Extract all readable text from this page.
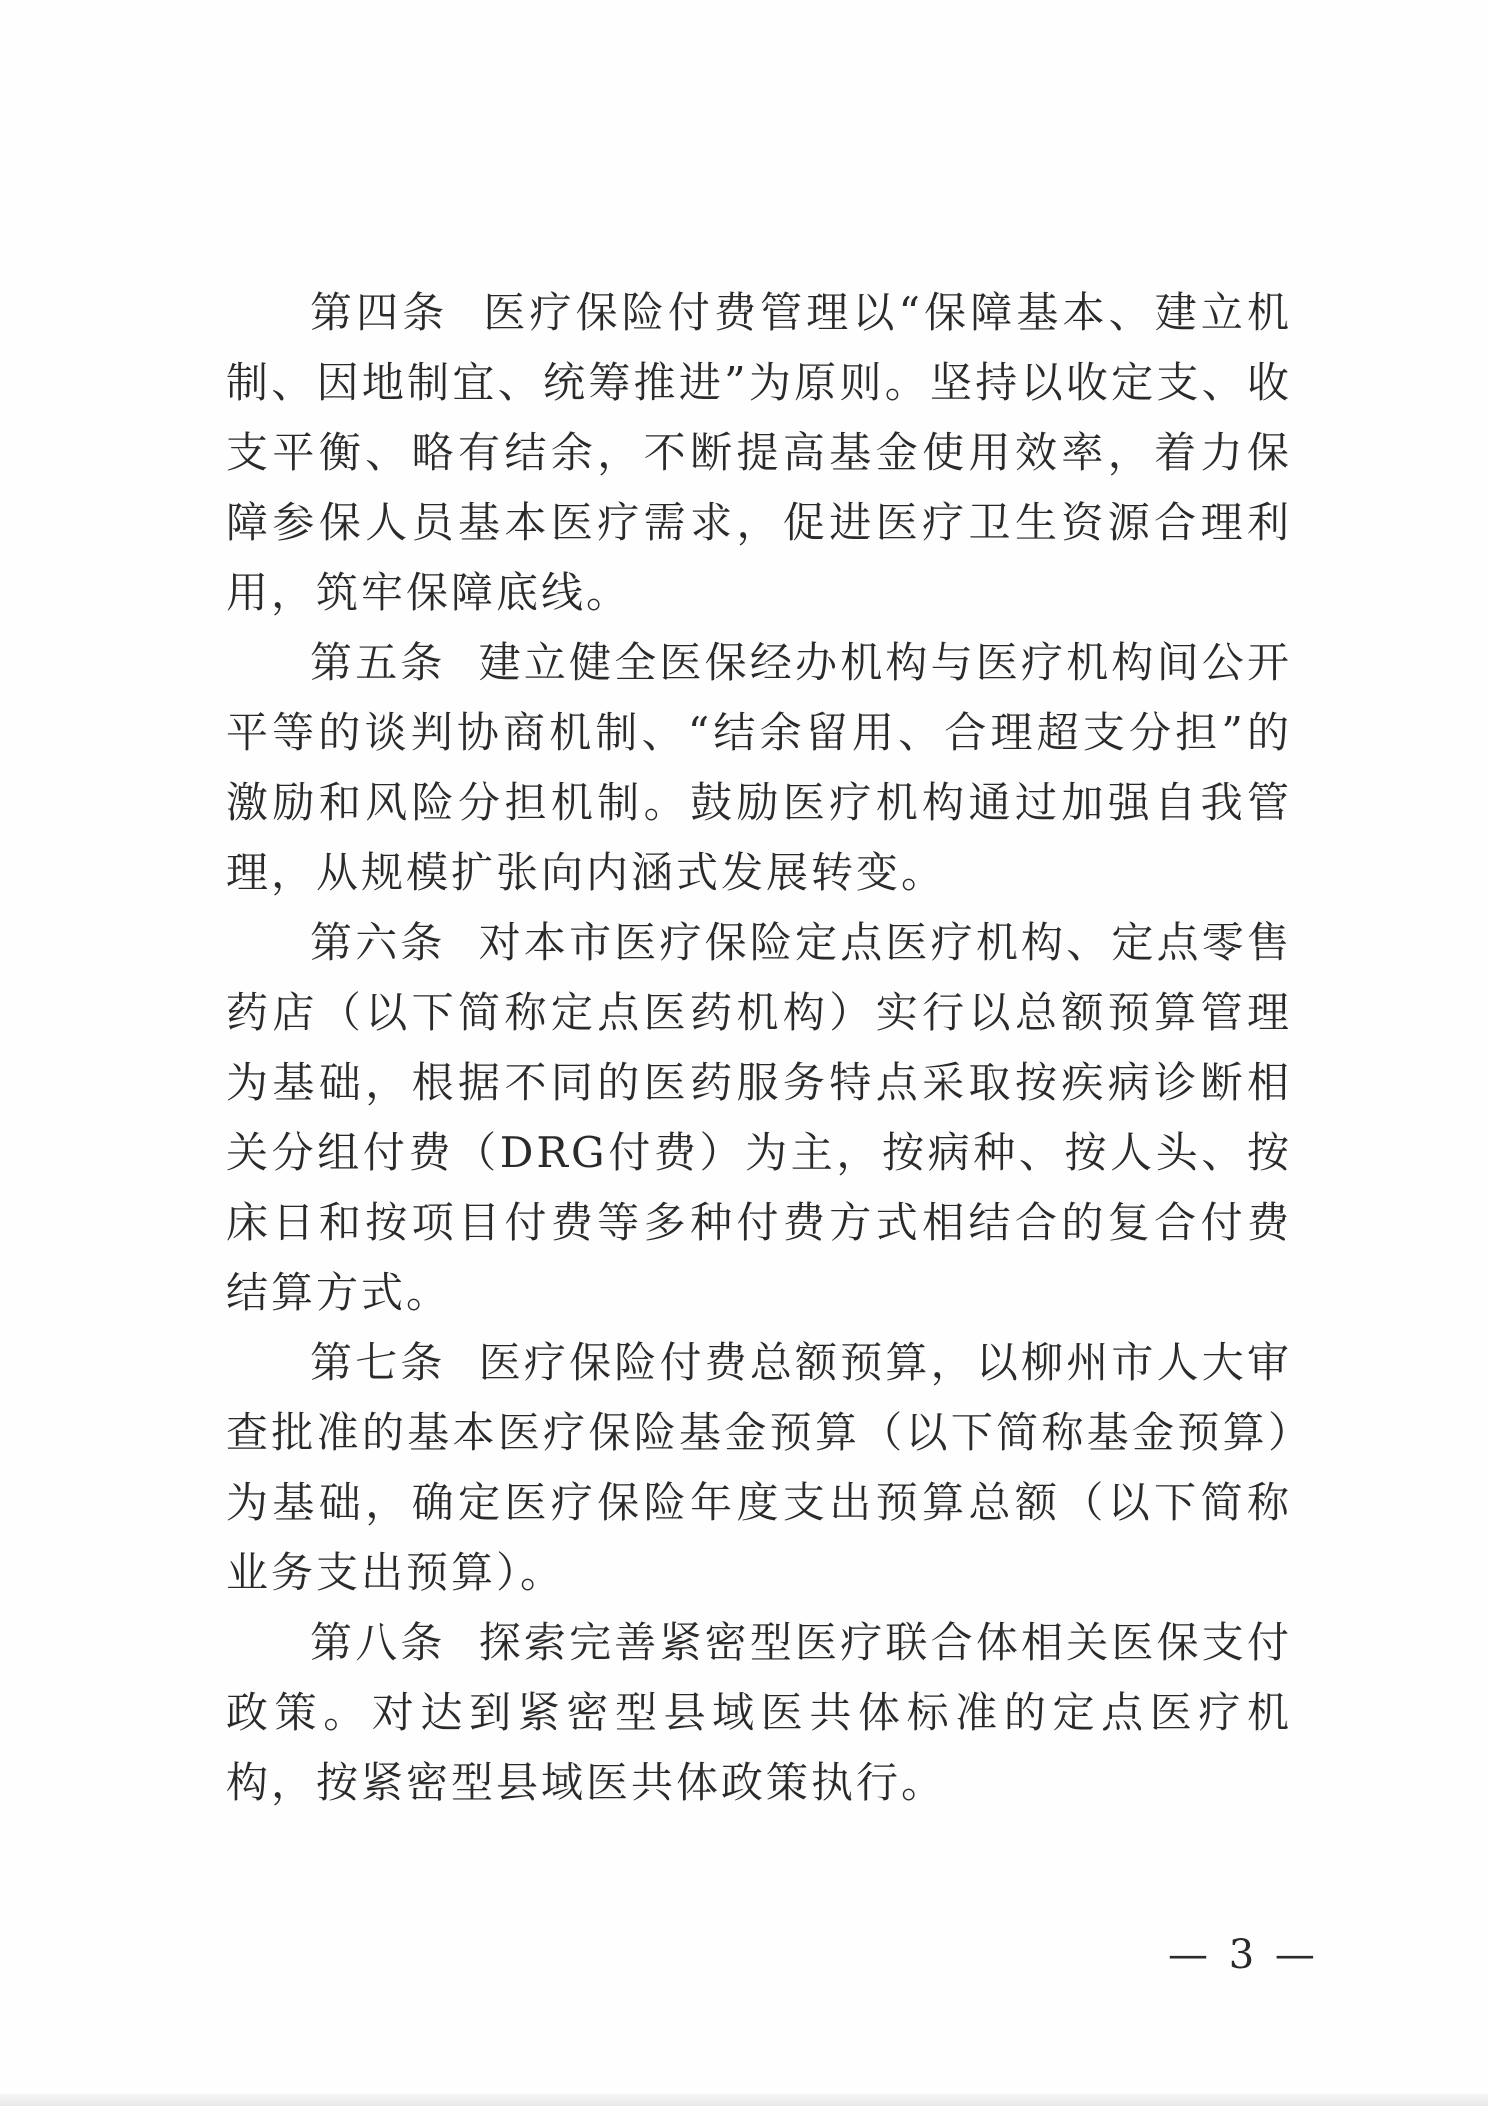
第四条 医疗保险付费管理以“保障基本、建立机制、因地制宜、统筹推进”为原则。坚持以收定支、收支平衡、略有结余，不断提高基金使用效率，着力保障参保人员基本医疗需求，促进医疗卫生资源合理利用，筑牢保障底线。

第五条 建立健全医保经办机构与医疗机构间公开平等的谈判协商机制、“结余留用、合理超支分担”的激励和风险分担机制。鼓励医疗机构通过加强自我管理，从规模扩张向内涵式发展转变。

第六条 对本市医疗保险定点医疗机构、定点零售药店（以下简称定点医药机构）实行以总额预算管理为基础，根据不同的医药服务特点采取按疾病诊断相关分组付费（DRG付费）为主，按病种、按人头、按床日和按项目付费等多种付费方式相结合的复合付费结算方式。

第七条 医疗保险付费总额预算，以柳州市人大审查批准的基本医疗保险基金预算（以下简称基金预算）为基础，确定医疗保险年度支出预算总额（以下简称业务支出预算）。

第八条 探索完善紧密型医疗联合体相关医保支付政策。对达到紧密型县域医共体标准的定点医疗机构，按紧密型县域医共体政策执行。

— 3 —
